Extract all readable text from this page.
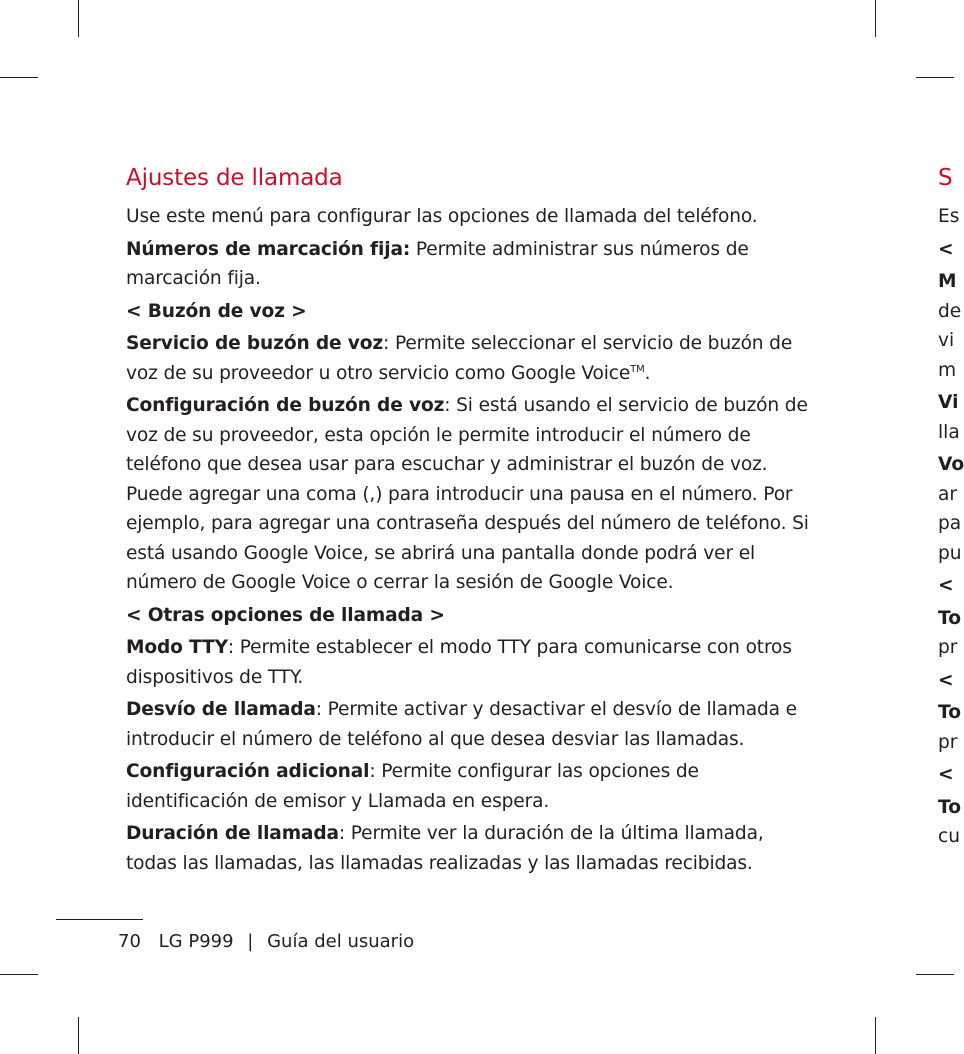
Ajustes de llamada

Use este menú para configurar las opciones de llamada del teléfono.

Números de marcación fija: Permite administrar sus números de marcación fija.

< Buzón de voz >

Servicio de buzón de voz: Permite seleccionar el servicio de buzón de voz de su proveedor u otro servicio como Google Voice™.

Configuración de buzón de voz: Si está usando el servicio de buzón de voz de su proveedor, esta opción le permite introducir el número de teléfono que desea usar para escuchar y administrar el buzón de voz. Puede agregar una coma (,) para introducir una pausa en el número. Por ejemplo, para agregar una contraseña después del número de teléfono. Si está usando Google Voice, se abrirá una pantalla donde podrá ver el número de Google Voice o cerrar la sesión de Google Voice.

< Otras opciones de llamada >

Modo TTY: Permite establecer el modo TTY para comunicarse con otros dispositivos de TTY.

Desvío de llamada: Permite activar y desactivar el desvío de llamada e introducir el número de teléfono al que desea desviar las llamadas.

Configuración adicional: Permite configurar las opciones de identificación de emisor y Llamada en espera.

Duración de llamada: Permite ver la duración de la última llamada, todas las llamadas, las llamadas realizadas y las llamadas recibidas.

S
Es
<
M
de
vi
m
Vi
lla
Vo
ar
pa
pu
<
To
pr
<
To
pr
<
To
cu
70 LG P999 | Guía del usuario
